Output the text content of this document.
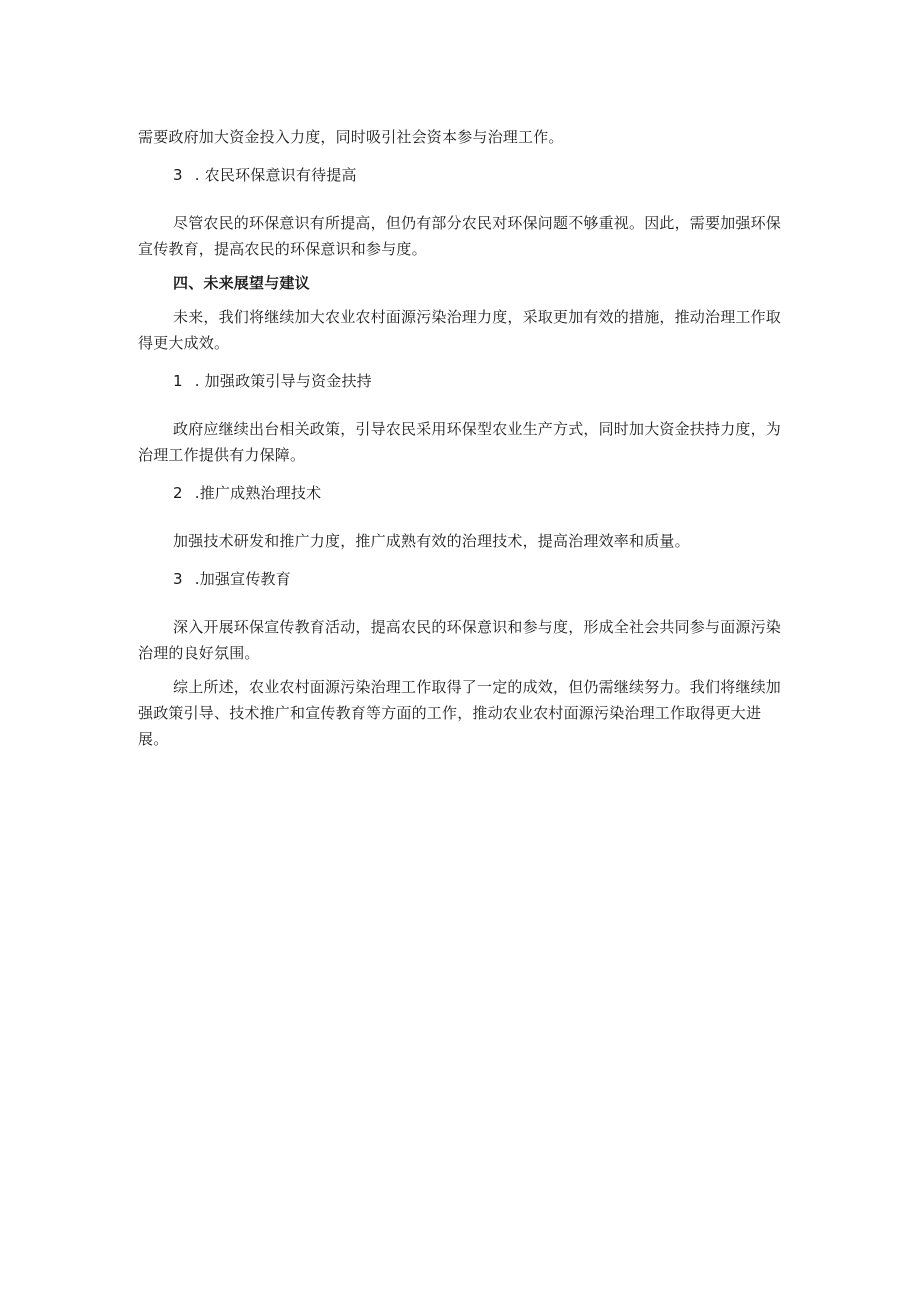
需要政府加大资金投入力度，同时吸引社会资本参与治理工作。

3 . 农民环保意识有待提高

尽管农民的环保意识有所提高，但仍有部分农民对环保问题不够重视。因此，需要加强环保宣传教育，提高农民的环保意识和参与度。

四、未来展望与建议

未来，我们将继续加大农业农村面源污染治理力度，采取更加有效的措施，推动治理工作取得更大成效。

1 . 加强政策引导与资金扶持

政府应继续出台相关政策，引导农民采用环保型农业生产方式，同时加大资金扶持力度，为治理工作提供有力保障。

2 .推广成熟治理技术

加强技术研发和推广力度，推广成熟有效的治理技术，提高治理效率和质量。

3 .加强宣传教育

深入开展环保宣传教育活动，提高农民的环保意识和参与度，形成全社会共同参与面源污染治理的良好氛围。

综上所述，农业农村面源污染治理工作取得了一定的成效，但仍需继续努力。我们将继续加强政策引导、技术推广和宣传教育等方面的工作，推动农业农村面源污染治理工作取得更大进展。
